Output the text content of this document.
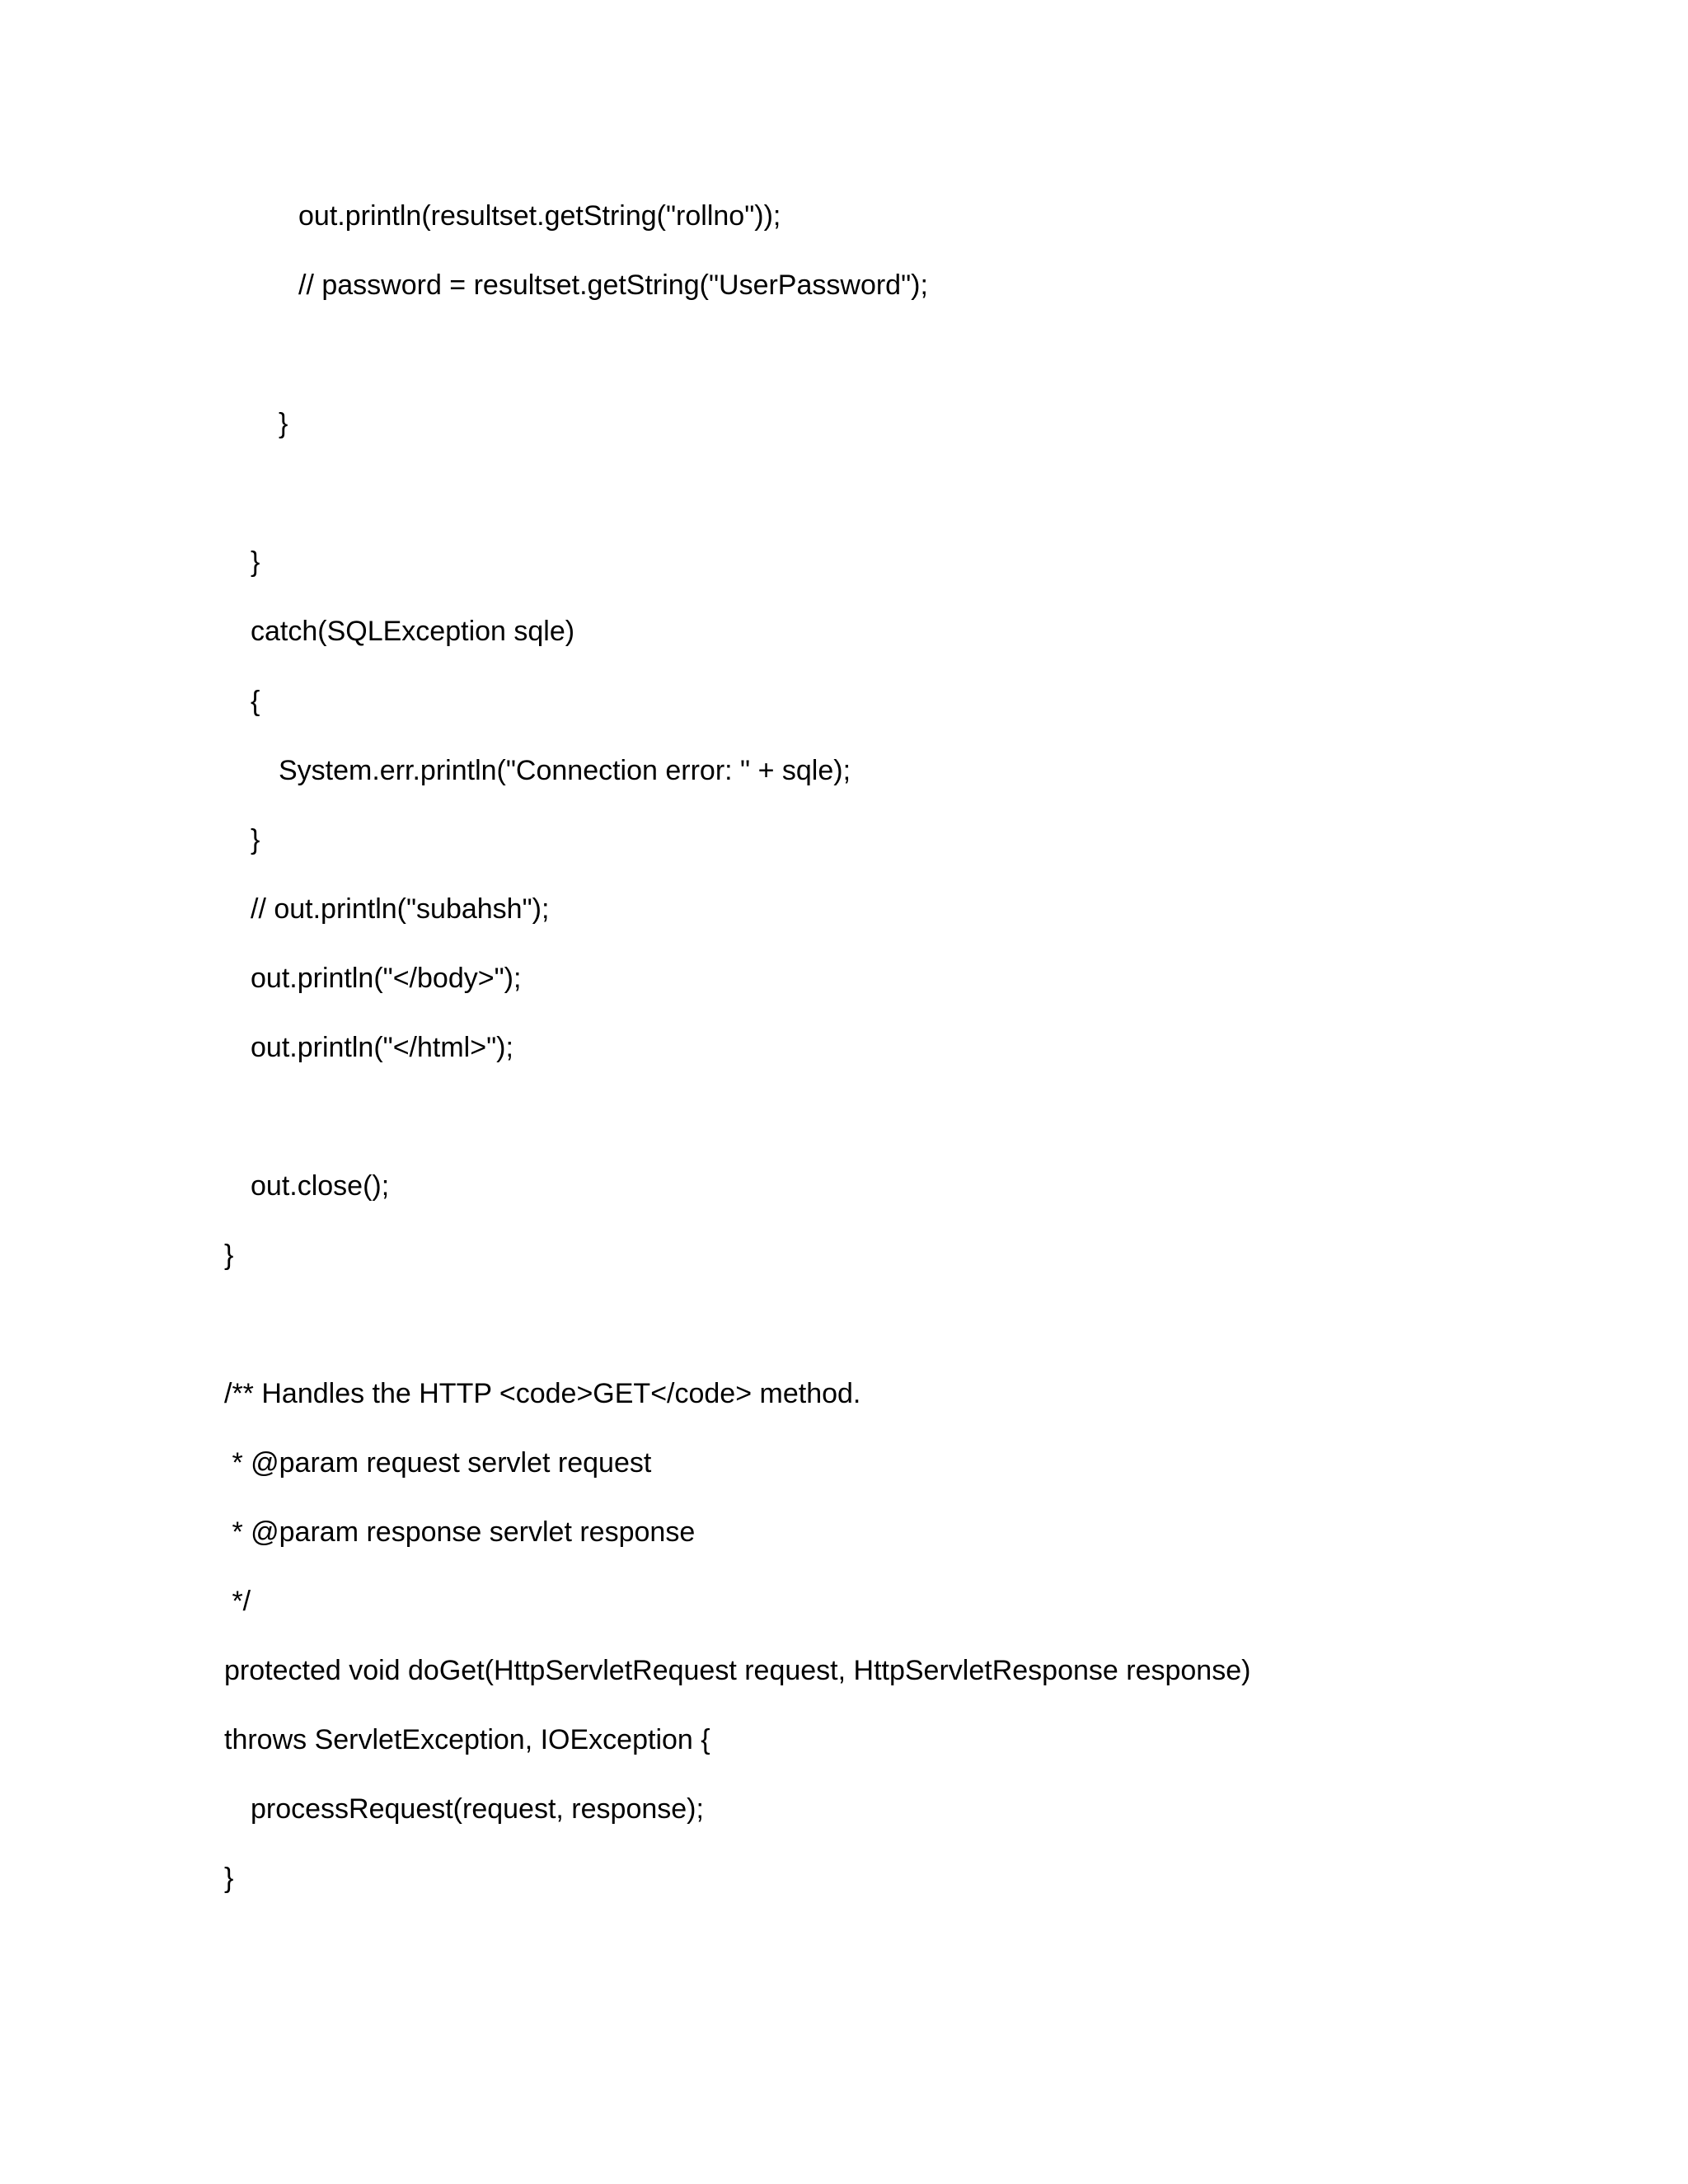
out.println(resultset.getString("rollno"));
// password = resultset.getString("UserPassword");
}
}
catch(SQLException sqle)
{
System.err.println("Connection error: " + sqle);
}
// out.println("subahsh");
out.println("</body>");
out.println("</html>");
out.close();
}
/** Handles the HTTP <code>GET</code> method.
* @param request servlet request
* @param response servlet response
*/
protected void doGet(HttpServletRequest request, HttpServletResponse response)
throws ServletException, IOException {
processRequest(request, response);
}
